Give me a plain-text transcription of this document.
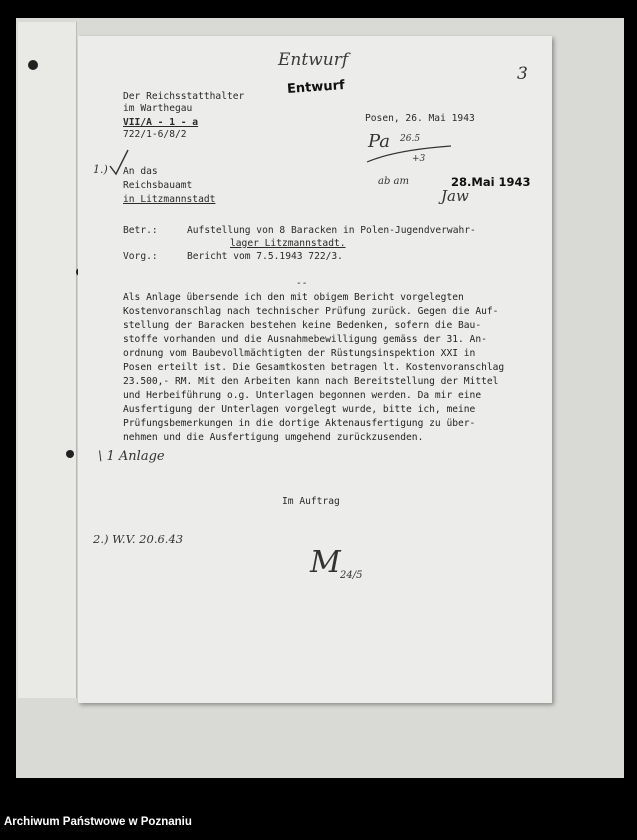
Entwurf
Entwurf
3
Der Reichsstatthalter
im Warthegau
VII/A - 1 - a
722/1-6/8/2
Posen, 26. Mai 1943
Pa 26.5
+3
ab am	28.Mai 1943
Jaw
1.) An das
Reichsbauamt
in Litzmannstadt
Betr.:	Aufstellung von 8 Baracken in Polen-Jugendverwahr-
lager Litzmannstadt.
Vorg.:	Bericht vom 7.5.1943 722/3.
--
Als Anlage übersende ich den mit obigem Bericht vorgelegten
Kostenvoranschlag nach technischer Prüfung zurück. Gegen die Auf-
stellung der Baracken bestehen keine Bedenken, sofern die Bau-
stoffe vorhanden und die Ausnahmebewilligung gemäss der 31. An-
ordnung vom Baubevollmächtigten der Rüstungsinspektion XXI in
Posen erteilt ist. Die Gesamtkosten betragen lt. Kostenvoranschlag
23.500,- RM. Mit den Arbeiten kann nach Bereitstellung der Mittel
und Herbeiführung o.g. Unterlagen begonnen werden. Da mir eine
Ausfertigung der Unterlagen vorgelegt wurde, bitte ich, meine
Prüfungsbemerkungen in die dortige Aktenausfertigung zu über-
nehmen und die Ausfertigung umgehend zurückzusenden.
\ 1 Anlage
Im Auftrag
2.) W.V. 20.6.43
M 24/5
Archiwum Państwowe w Poznaniu
